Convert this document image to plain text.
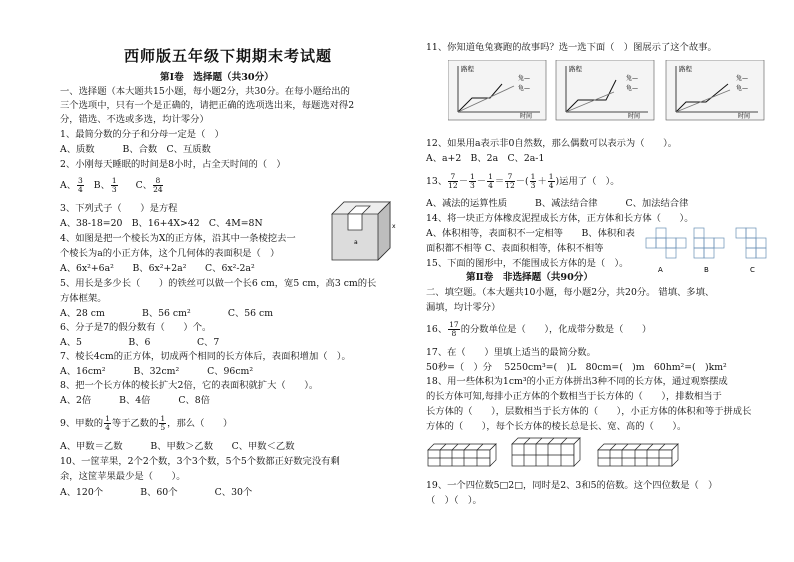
西师版五年级下期期末考试题
第Ⅰ卷　选择题（共30分）
一、选择题（本大题共15小题，每小题2分，共30分。在每小题给出的
三个选项中，只有一个是正确的，请把正确的选项选出来，每题选对得2
分，错选、不选或多选，均计零分）
1、最简分数的分子和分母一定是（　）
A、质数　　　B、合数　C、互质数
2、小刚每天睡眠的时间是8小时，占全天时间的（　）
A、 $\frac{3}{4}$ B、 $\frac{1}{3}$ C、 $\frac{8}{24}$
3、下列式子（　　）是方程
A、38-18=20　B、16+4X>42　C、4M=8N	x
a
4、如图是把一个棱长为X的正方体，沿其中一条棱挖去一
个棱长为a的小正方体，这个几何体的表面积是（　）
A、6x²+6a²　　B、6x²+2a²　　C、6x²-2a²
5、用长是多少长（　　）的铁丝可以做一个长6 cm，宽5 cm，高3 cm的长
方体框架。
A、28 cm　　　　B、56 cm²　　　　C、56 cm
6、分子是7的假分数有（　　）个。
A、5　　　　　B、6　　　　　C、7
7、棱长4cm的正方体，切成两个相同的长方体后，表面积增加（　）。
A、16cm²　　　B、32cm²　　　C、96cm²
8、把一个长方体的棱长扩大2倍，它的表面积就扩大（　　）。
A、2倍　　　B、4倍　　　C、8倍
9、甲数的 $\frac{1}{4}$ 等于乙数的 $\frac{1}{5}$ ，那么（　　）
A、甲数＝乙数　　　B、甲数＞乙数　　C、甲数＜乙数
10、一筐苹果，2个2个数，3个3个数，5个5个数都正好数完没有剩
余，这筐苹果最少是（　　）。
A、120个　　　　B、60个　　　　C、30个
11、你知道龟兔赛跑的故事吗？选一选下面（　）图展示了这个故事。
路程
时间
兔—
龟—
路程
时间
兔—
龟—
路程
时间
兔—
龟—
12、如果用a表示非0自然数，那么偶数可以表示为（　　）。
A、a+2　B、2a　C、2a-1
13、 $\frac{7}{12} - \frac{1}{3} - \frac{1}{4} = \frac{7}{12}$ －( $\frac{1}{3} + \frac{1}{4}$ )运用了（　）。
A、减法的运算性质　　　B、减法结合律　　　C、加法结合律
14、将一块正方体橡皮泥捏成长方体，正方体和长方体（　　）。
A、体积相等，表面积不一定相等　　B、体积和表
面积都不相等 C、表面积相等，体积不相等
15、下面的图形中，不能围成长方体的是（　）。
A	B	C
第Ⅱ卷　非选择题（共90分）
二、填空题。（本大题共10小题，每小题2分，共20分。 错填、多填、
漏填，均计零分）
16、 $\frac{17}{8}$ 的分数单位是（　　），化成带分数是（　　）
17、在（　　）里填上适当的最简分数。
50秒=（　）分　 5250cm³=(　)L　80cm=(　)m　60hm²=(　)km²
18、用一些体积为1cm³的小正方体拼出3种不同的长方体，通过观察摆成
的长方体可知,每排小正方体的个数相当于长方体的（　　），排数相当于
长方体的（　　），层数相当于长方体的（　　），小正方体的体积和等于拼成长
方体的（　　），每个长方体的棱长总是长、宽、高的（　　）。
19、一个四位数5□2□，同时是2、3和5的倍数。这个四位数是（　）
（　）（　）。
